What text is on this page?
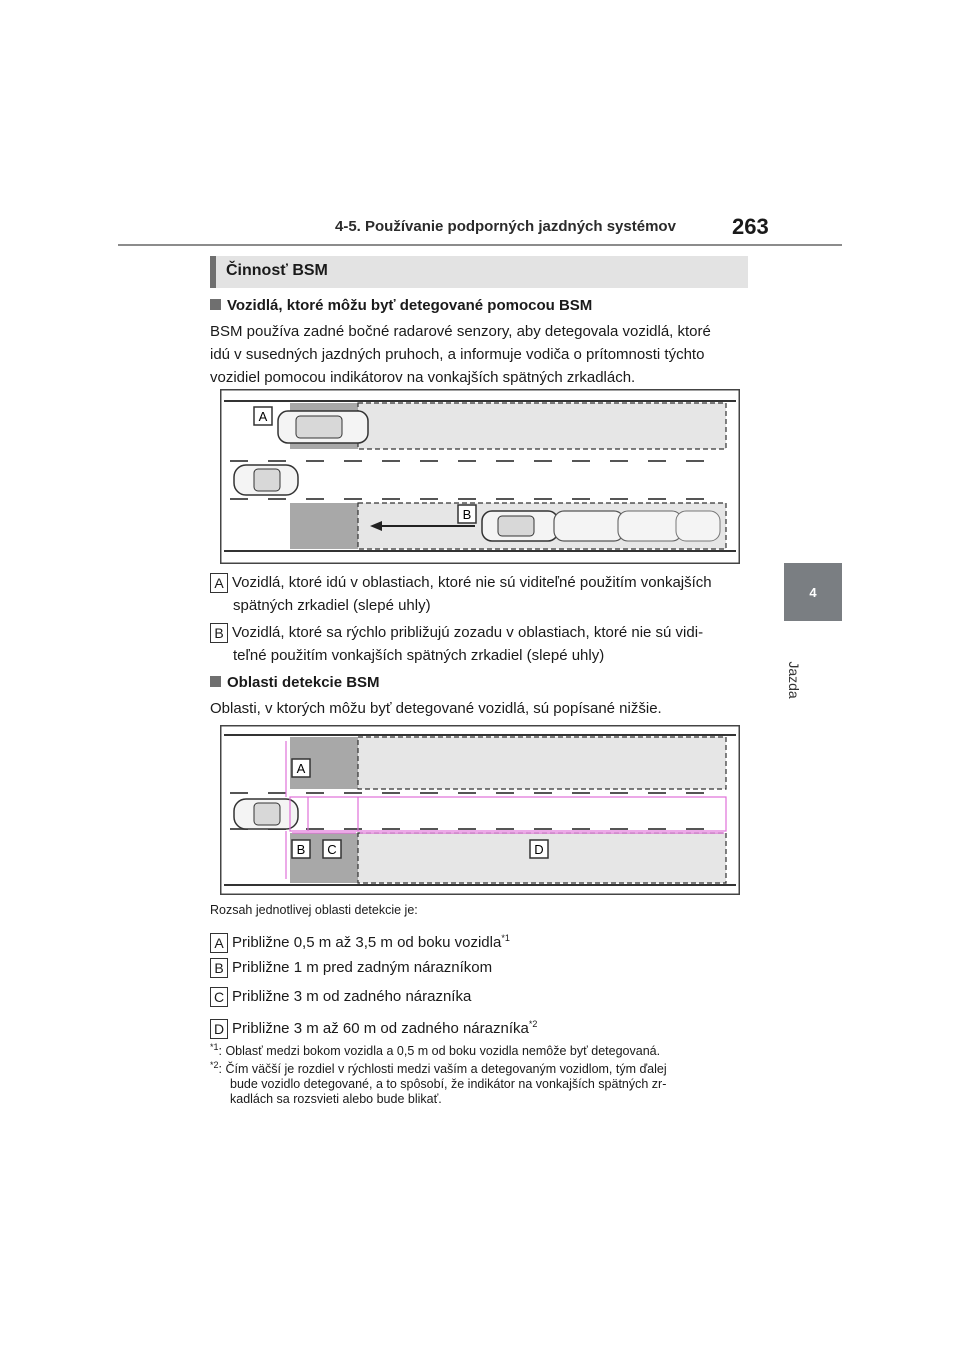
4-5. Používanie podporných jazdných systémov	263
4
Jazda
Činnosť BSM
Vozidlá, ktoré môžu byť detegované pomocou BSM
BSM používa zadné bočné radarové senzory, aby detegovala vozidlá, ktoré
idú v susedných jazdných pruhoch, a informuje vodiča o prítomnosti týchto
vozidiel pomocou indikátorov na vonkajších spätných zrkadlách.
A
B
A Vozidlá, ktoré idú v oblastiach, ktoré nie sú viditeľné použitím vonkajších
spätných zrkadiel (slepé uhly)
B Vozidlá, ktoré sa rýchlo približujú zozadu v oblastiach, ktoré nie sú vidi-
teľné použitím vonkajších spätných zrkadiel (slepé uhly)
Oblasti detekcie BSM
Oblasti, v ktorých môžu byť detegované vozidlá, sú popísané nižšie.
A
B C	D
Rozsah jednotlivej oblasti detekcie je:
A Približne 0,5 m až 3,5 m od boku vozidla$^{*1}$
B Približne 1 m pred zadným nárazníkom
C Približne 3 m od zadného nárazníka
D Približne 3 m až 60 m od zadného nárazníka$^{*2}$
$^{*1}$: Oblasť medzi bokom vozidla a 0,5 m od boku vozidla nemôže byť detegovaná.
$^{*2}$: Čím väčší je rozdiel v rýchlosti medzi vaším a detegovaným vozidlom, tým ďalej
bude vozidlo detegované, a to spôsobí, že indikátor na vonkajších spätných zr-
kadlách sa rozsvieti alebo bude blikať.
